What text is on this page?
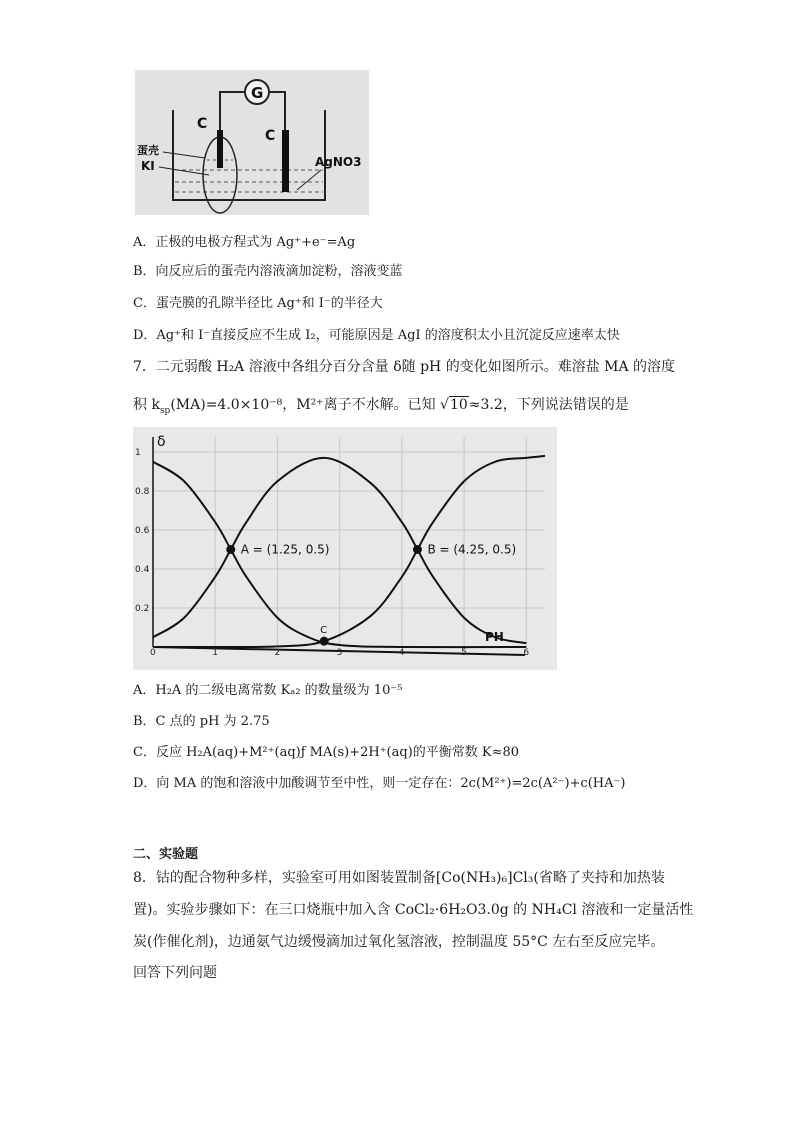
G
C
C
蛋壳
KI	AgNO3
A．正极的电极方程式为 Ag⁺+e⁻=Ag
B．向反应后的蛋壳内溶液滴加淀粉，溶液变蓝
C．蛋壳膜的孔隙半径比 Ag⁺和 I⁻的半径大
D．Ag⁺和 I⁻直接反应不生成 I₂，可能原因是 AgI 的溶度积太小且沉淀反应速率太快
7．二元弱酸 H₂A 溶液中各组分百分含量 δ随 pH 的变化如图所示。难溶盐 MA 的溶度
积 $k_{sp}(MA)=4.0\times 10^{-8}$，M²⁺离子不水解。已知 √10≈3.2，下列说法错误的是
δ
PH
0	1	2	3	4	5	6
0.2
0.4
0.6
0.8
1
A = (1.25, 0.5)	B = (4.25, 0.5)
C
A．H₂A 的二级电离常数 Kₐ₂ 的数量级为 10⁻⁵
B．C 点的 pH 为 2.75
C．反应 H₂A(aq)+M²⁺(aq)ƒ MA(s)+2H⁺(aq)的平衡常数 K≈80
D．向 MA 的饱和溶液中加酸调节至中性，则一定存在：2c(M²⁺)=2c(A²⁻)+c(HA⁻)
二、实验题
8．钴的配合物种多样，实验室可用如图装置制备[Co(NH₃)₆]Cl₃(省略了夹持和加热装
置)。实验步骤如下：在三口烧瓶中加入含 CoCl₂·6H₂O3.0g 的 NH₄Cl 溶液和一定量活性
炭(作催化剂)，边通氨气边缓慢滴加过氧化氢溶液，控制温度 55°C 左右至反应完毕。
回答下列问题
